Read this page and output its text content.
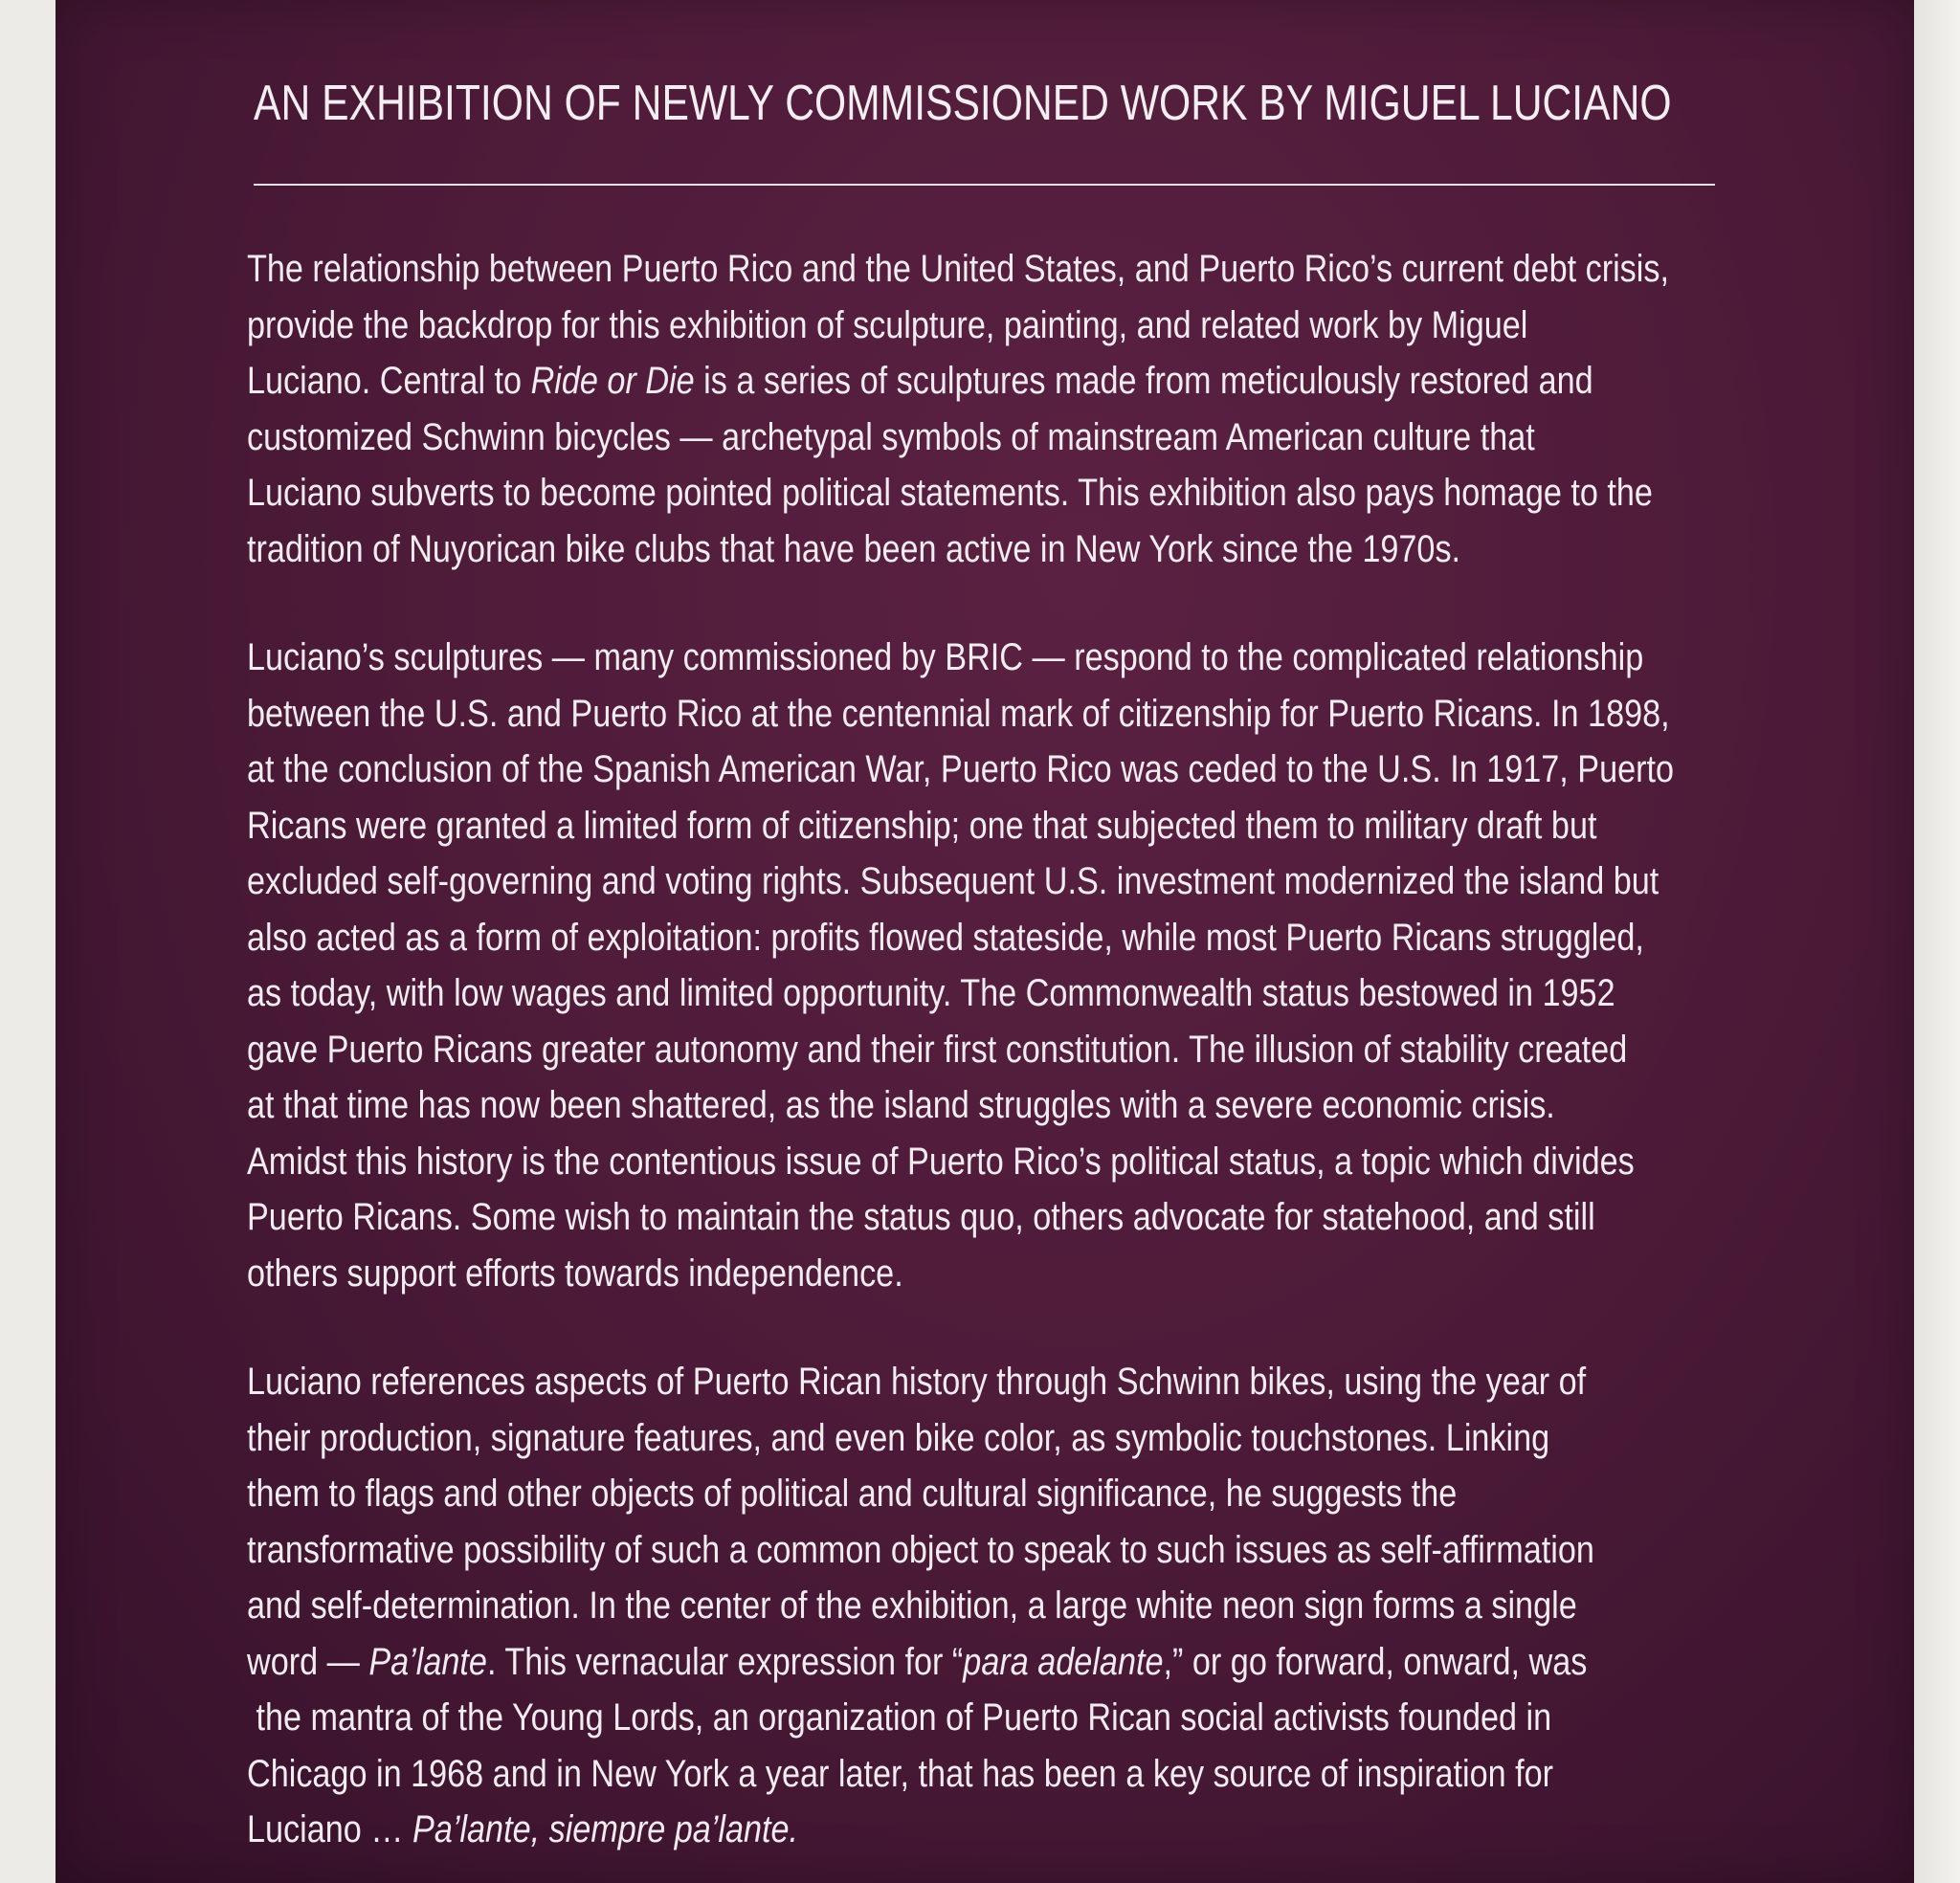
AN EXHIBITION OF NEWLY COMMISSIONED WORK BY MIGUEL LUCIANO
The relationship between Puerto Rico and the United States, and Puerto Rico’s current debt crisis,
provide the backdrop for this exhibition of sculpture, painting, and related work by Miguel
Luciano. Central to Ride or Die is a series of sculptures made from meticulously restored and
customized Schwinn bicycles — archetypal symbols of mainstream American culture that
Luciano subverts to become pointed political statements. This exhibition also pays homage to the
tradition of Nuyorican bike clubs that have been active in New York since the 1970s.
Luciano’s sculptures — many commissioned by BRIC — respond to the complicated relationship
between the U.S. and Puerto Rico at the centennial mark of citizenship for Puerto Ricans. In 1898,
at the conclusion of the Spanish American War, Puerto Rico was ceded to the U.S. In 1917, Puerto
Ricans were granted a limited form of citizenship; one that subjected them to military draft but
excluded self-governing and voting rights. Subsequent U.S. investment modernized the island but
also acted as a form of exploitation: profits flowed stateside, while most Puerto Ricans struggled,
as today, with low wages and limited opportunity. The Commonwealth status bestowed in 1952
gave Puerto Ricans greater autonomy and their first constitution. The illusion of stability created
at that time has now been shattered, as the island struggles with a severe economic crisis.
Amidst this history is the contentious issue of Puerto Rico’s political status, a topic which divides
Puerto Ricans. Some wish to maintain the status quo, others advocate for statehood, and still
others support efforts towards independence.
Luciano references aspects of Puerto Rican history through Schwinn bikes, using the year of
their production, signature features, and even bike color, as symbolic touchstones. Linking
them to flags and other objects of political and cultural significance, he suggests the
transformative possibility of such a common object to speak to such issues as self-affirmation
and self-determination. In the center of the exhibition, a large white neon sign forms a single
word — Pa’lante. This vernacular expression for “para adelante,” or go forward, onward, was
the mantra of the Young Lords, an organization of Puerto Rican social activists founded in
Chicago in 1968 and in New York a year later, that has been a key source of inspiration for
Luciano … Pa’lante, siempre pa’lante.
